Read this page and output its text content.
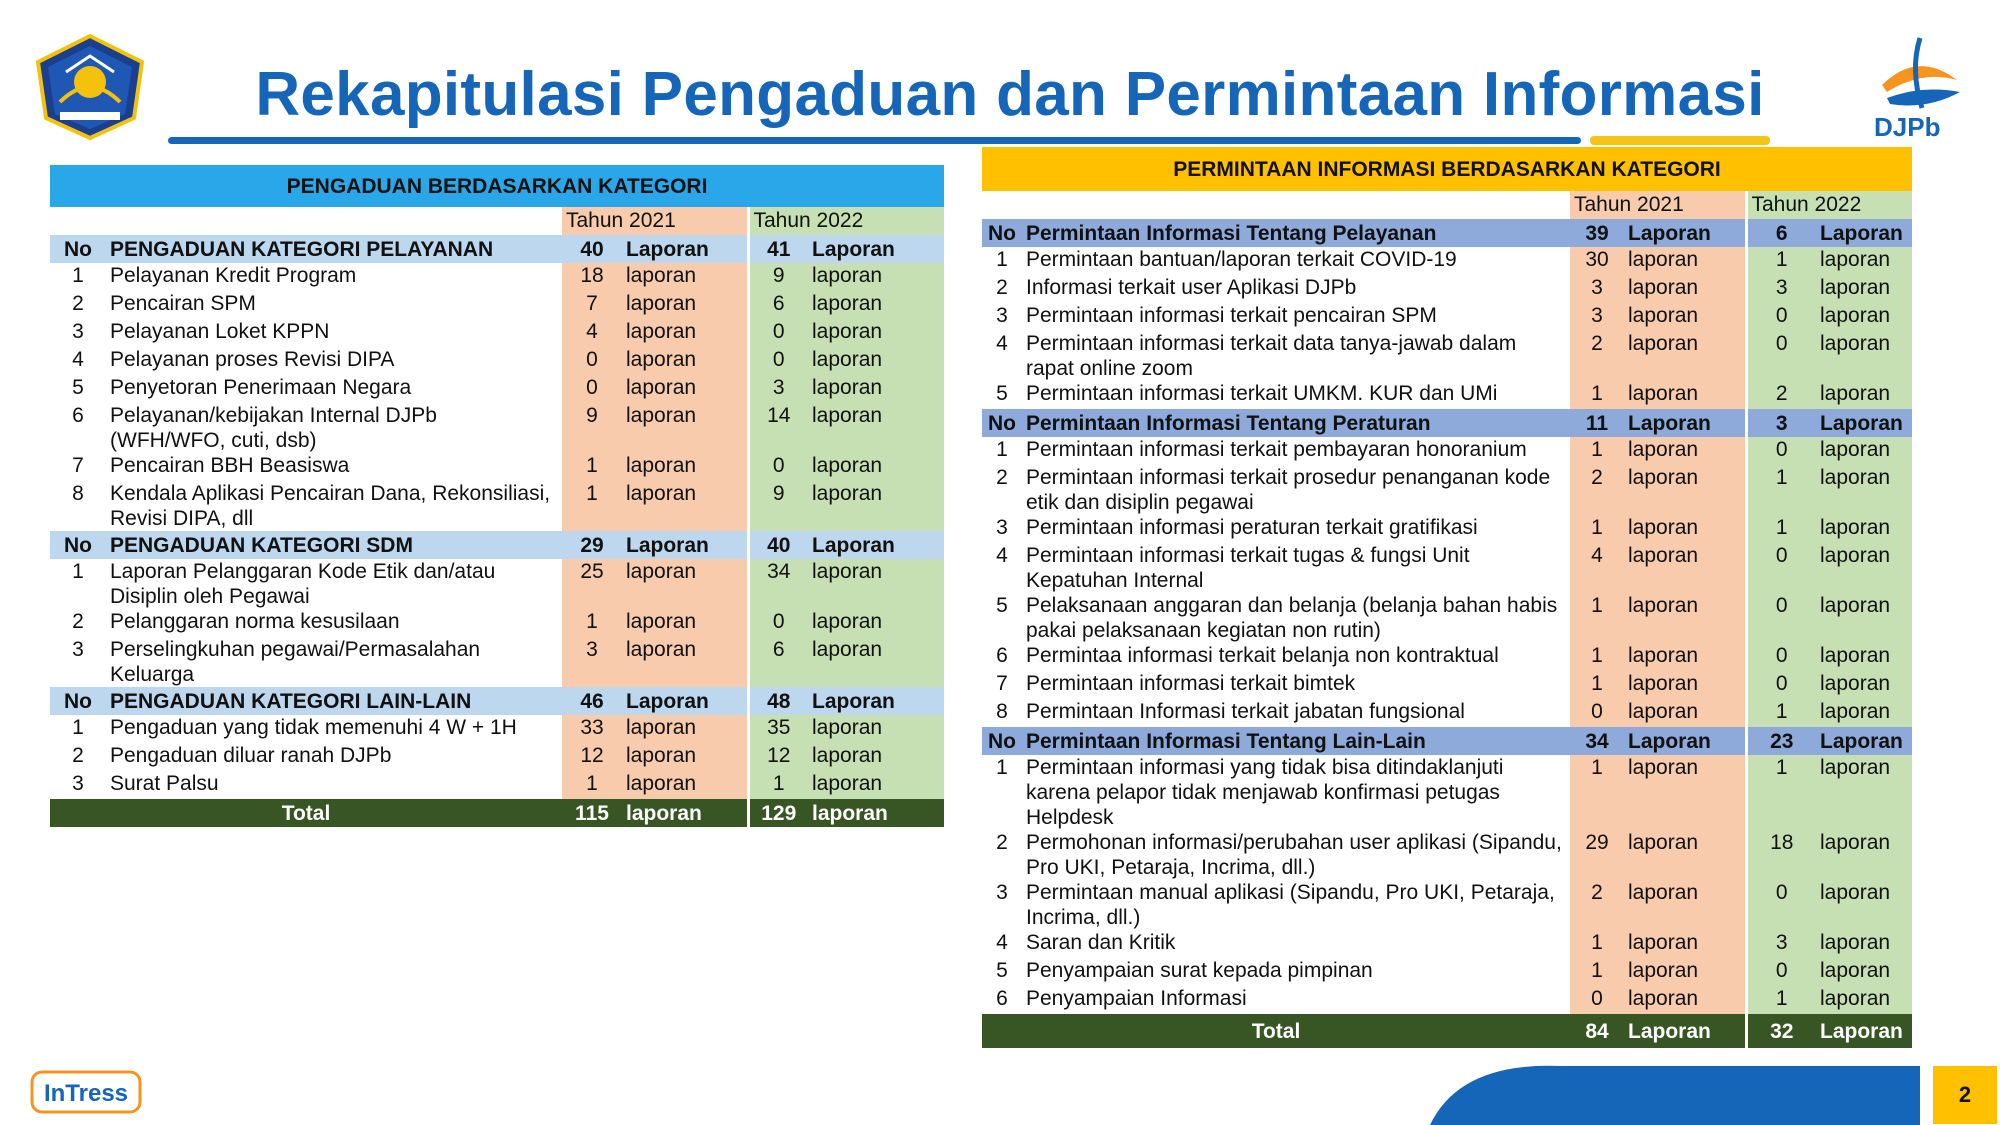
Rekapitulasi Pengaduan dan Permintaan Informasi	DJPb
PENGADUAN BERDASARKAN KATEGORI					
		Tahun 2021		Tahun 2022	
No	PENGADUAN KATEGORI PELAYANAN	40	Laporan	41	Laporan
1	Pelayanan Kredit Program	18	laporan	9	laporan
2	Pencairan SPM	7	laporan	6	laporan
3	Pelayanan Loket KPPN	4	laporan	0	laporan
4	Pelayanan proses Revisi DIPA	0	laporan	0	laporan
5	Penyetoran Penerimaan Negara	0	laporan	3	laporan
6	Pelayanan/kebijakan Internal DJPb (WFH/WFO, cuti, dsb)	9	laporan	14	laporan
7	Pencairan BBH Beasiswa	1	laporan	0	laporan
8	Kendala Aplikasi Pencairan Dana, Rekonsiliasi, Revisi DIPA, dll	1	laporan	9	laporan
No	PENGADUAN KATEGORI SDM	29	Laporan	40	Laporan
1	Laporan Pelanggaran Kode Etik dan/atau Disiplin oleh Pegawai	25	laporan	34	laporan
2	Pelanggaran norma kesusilaan	1	laporan	0	laporan
3	Perselingkuhan pegawai/Permasalahan Keluarga	3	laporan	6	laporan
No	PENGADUAN KATEGORI LAIN-LAIN	46	Laporan	48	Laporan
1	Pengaduan yang tidak memenuhi 4 W + 1H	33	laporan	35	laporan
2	Pengaduan diluar ranah DJPb	12	laporan	12	laporan
3	Surat Palsu	1	laporan	1	laporan
Total		115	laporan	129	laporan
PERMINTAAN INFORMASI BERDASARKAN KATEGORI					
		Tahun 2021		Tahun 2022	
No	Permintaan Informasi Tentang Pelayanan	39	Laporan	6	Laporan
1	Permintaan bantuan/laporan terkait COVID-19	30	laporan	1	laporan
2	Informasi terkait user Aplikasi DJPb	3	laporan	3	laporan
3	Permintaan informasi terkait pencairan SPM	3	laporan	0	laporan
4	Permintaan informasi terkait data tanya-jawab dalam rapat online zoom	2	laporan	0	laporan
5	Permintaan informasi terkait UMKM. KUR dan UMi	1	laporan	2	laporan
No	Permintaan Informasi Tentang Peraturan	11	Laporan	3	Laporan
1	Permintaan informasi terkait pembayaran honoranium	1	laporan	0	laporan
2	Permintaan informasi terkait prosedur penanganan kode etik dan disiplin pegawai	2	laporan	1	laporan
3	Permintaan informasi peraturan terkait gratifikasi	1	laporan	1	laporan
4	Permintaan informasi terkait tugas & fungsi Unit Kepatuhan Internal	4	laporan	0	laporan
5	Pelaksanaan anggaran dan belanja (belanja bahan habis pakai pelaksanaan kegiatan non rutin)	1	laporan	0	laporan
6	Permintaa informasi terkait belanja non kontraktual	1	laporan	0	laporan
7	Permintaan informasi terkait bimtek	1	laporan	0	laporan
8	Permintaan Informasi terkait jabatan fungsional	0	laporan	1	laporan
No	Permintaan Informasi Tentang Lain-Lain	34	Laporan	23	Laporan
1	Permintaan informasi yang tidak bisa ditindaklanjuti karena pelapor tidak menjawab konfirmasi petugas Helpdesk	1	laporan	1	laporan
2	Permohonan informasi/perubahan user aplikasi (Sipandu, Pro UKI, Petaraja, Incrima, dll.)	29	laporan	18	laporan
3	Permintaan manual aplikasi (Sipandu, Pro UKI, Petaraja, Incrima, dll.)	2	laporan	0	laporan
4	Saran dan Kritik	1	laporan	3	laporan
5	Penyampaian surat kepada pimpinan	1	laporan	0	laporan
6	Penyampaian Informasi	0	laporan	1	laporan
Total		84	Laporan	32	Laporan
InTress	2
